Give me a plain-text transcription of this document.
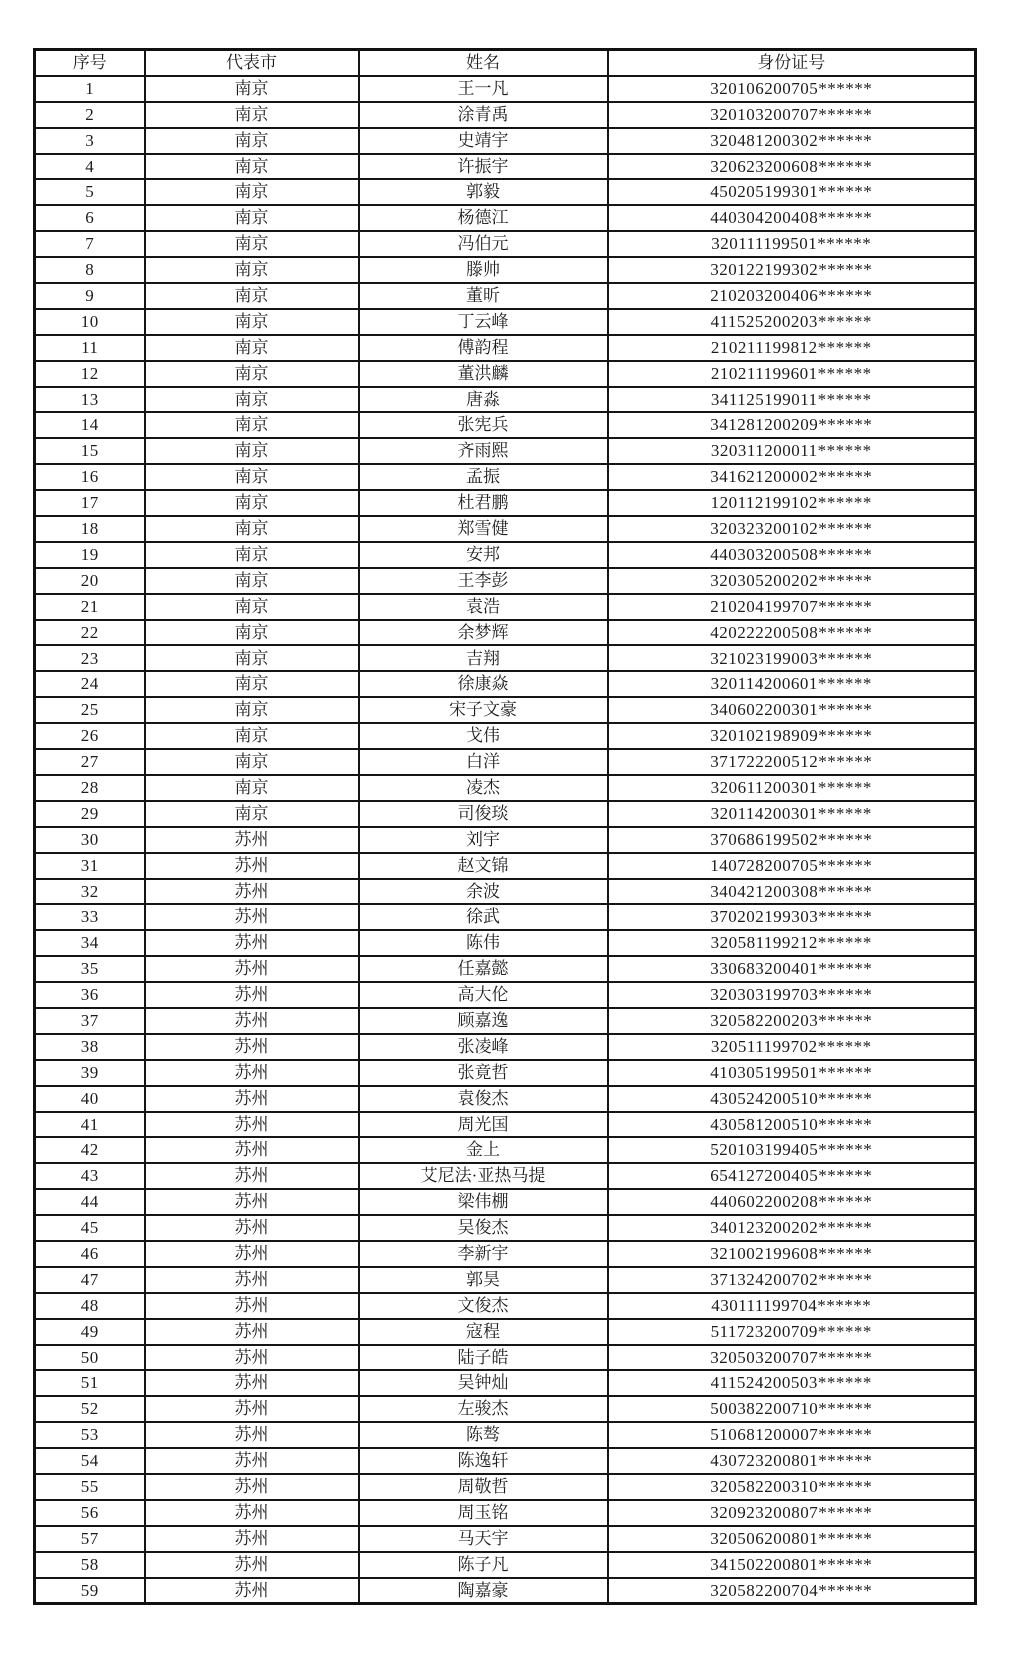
序号	代表市	姓名	身份证号
1	南京	王一凡	320106200705******
2	南京	涂青禹	320103200707******
3	南京	史靖宇	320481200302******
4	南京	许振宇	320623200608******
5	南京	郭毅	450205199301******
6	南京	杨德江	440304200408******
7	南京	冯伯元	320111199501******
8	南京	滕帅	320122199302******
9	南京	董昕	210203200406******
10	南京	丁云峰	411525200203******
11	南京	傅韵程	210211199812******
12	南京	董洪麟	210211199601******
13	南京	唐淼	341125199011******
14	南京	张宪兵	341281200209******
15	南京	齐雨熙	320311200011******
16	南京	孟振	341621200002******
17	南京	杜君鹏	120112199102******
18	南京	郑雪健	320323200102******
19	南京	安邦	440303200508******
20	南京	王李彭	320305200202******
21	南京	袁浩	210204199707******
22	南京	余梦辉	420222200508******
23	南京	吉翔	321023199003******
24	南京	徐康焱	320114200601******
25	南京	宋子文豪	340602200301******
26	南京	戈伟	320102198909******
27	南京	白洋	371722200512******
28	南京	凌杰	320611200301******
29	南京	司俊琰	320114200301******
30	苏州	刘宇	370686199502******
31	苏州	赵文锦	140728200705******
32	苏州	余波	340421200308******
33	苏州	徐武	370202199303******
34	苏州	陈伟	320581199212******
35	苏州	任嘉懿	330683200401******
36	苏州	高大伦	320303199703******
37	苏州	顾嘉逸	320582200203******
38	苏州	张凌峰	320511199702******
39	苏州	张竟哲	410305199501******
40	苏州	袁俊杰	430524200510******
41	苏州	周光国	430581200510******
42	苏州	金上	520103199405******
43	苏州	艾尼法·亚热马提	654127200405******
44	苏州	梁伟棚	440602200208******
45	苏州	吴俊杰	340123200202******
46	苏州	李新宇	321002199608******
47	苏州	郭昊	371324200702******
48	苏州	文俊杰	430111199704******
49	苏州	寇程	511723200709******
50	苏州	陆子皓	320503200707******
51	苏州	吴钟灿	411524200503******
52	苏州	左骏杰	500382200710******
53	苏州	陈骜	510681200007******
54	苏州	陈逸轩	430723200801******
55	苏州	周敬哲	320582200310******
56	苏州	周玉铭	320923200807******
57	苏州	马天宇	320506200801******
58	苏州	陈子凡	341502200801******
59	苏州	陶嘉豪	320582200704******
